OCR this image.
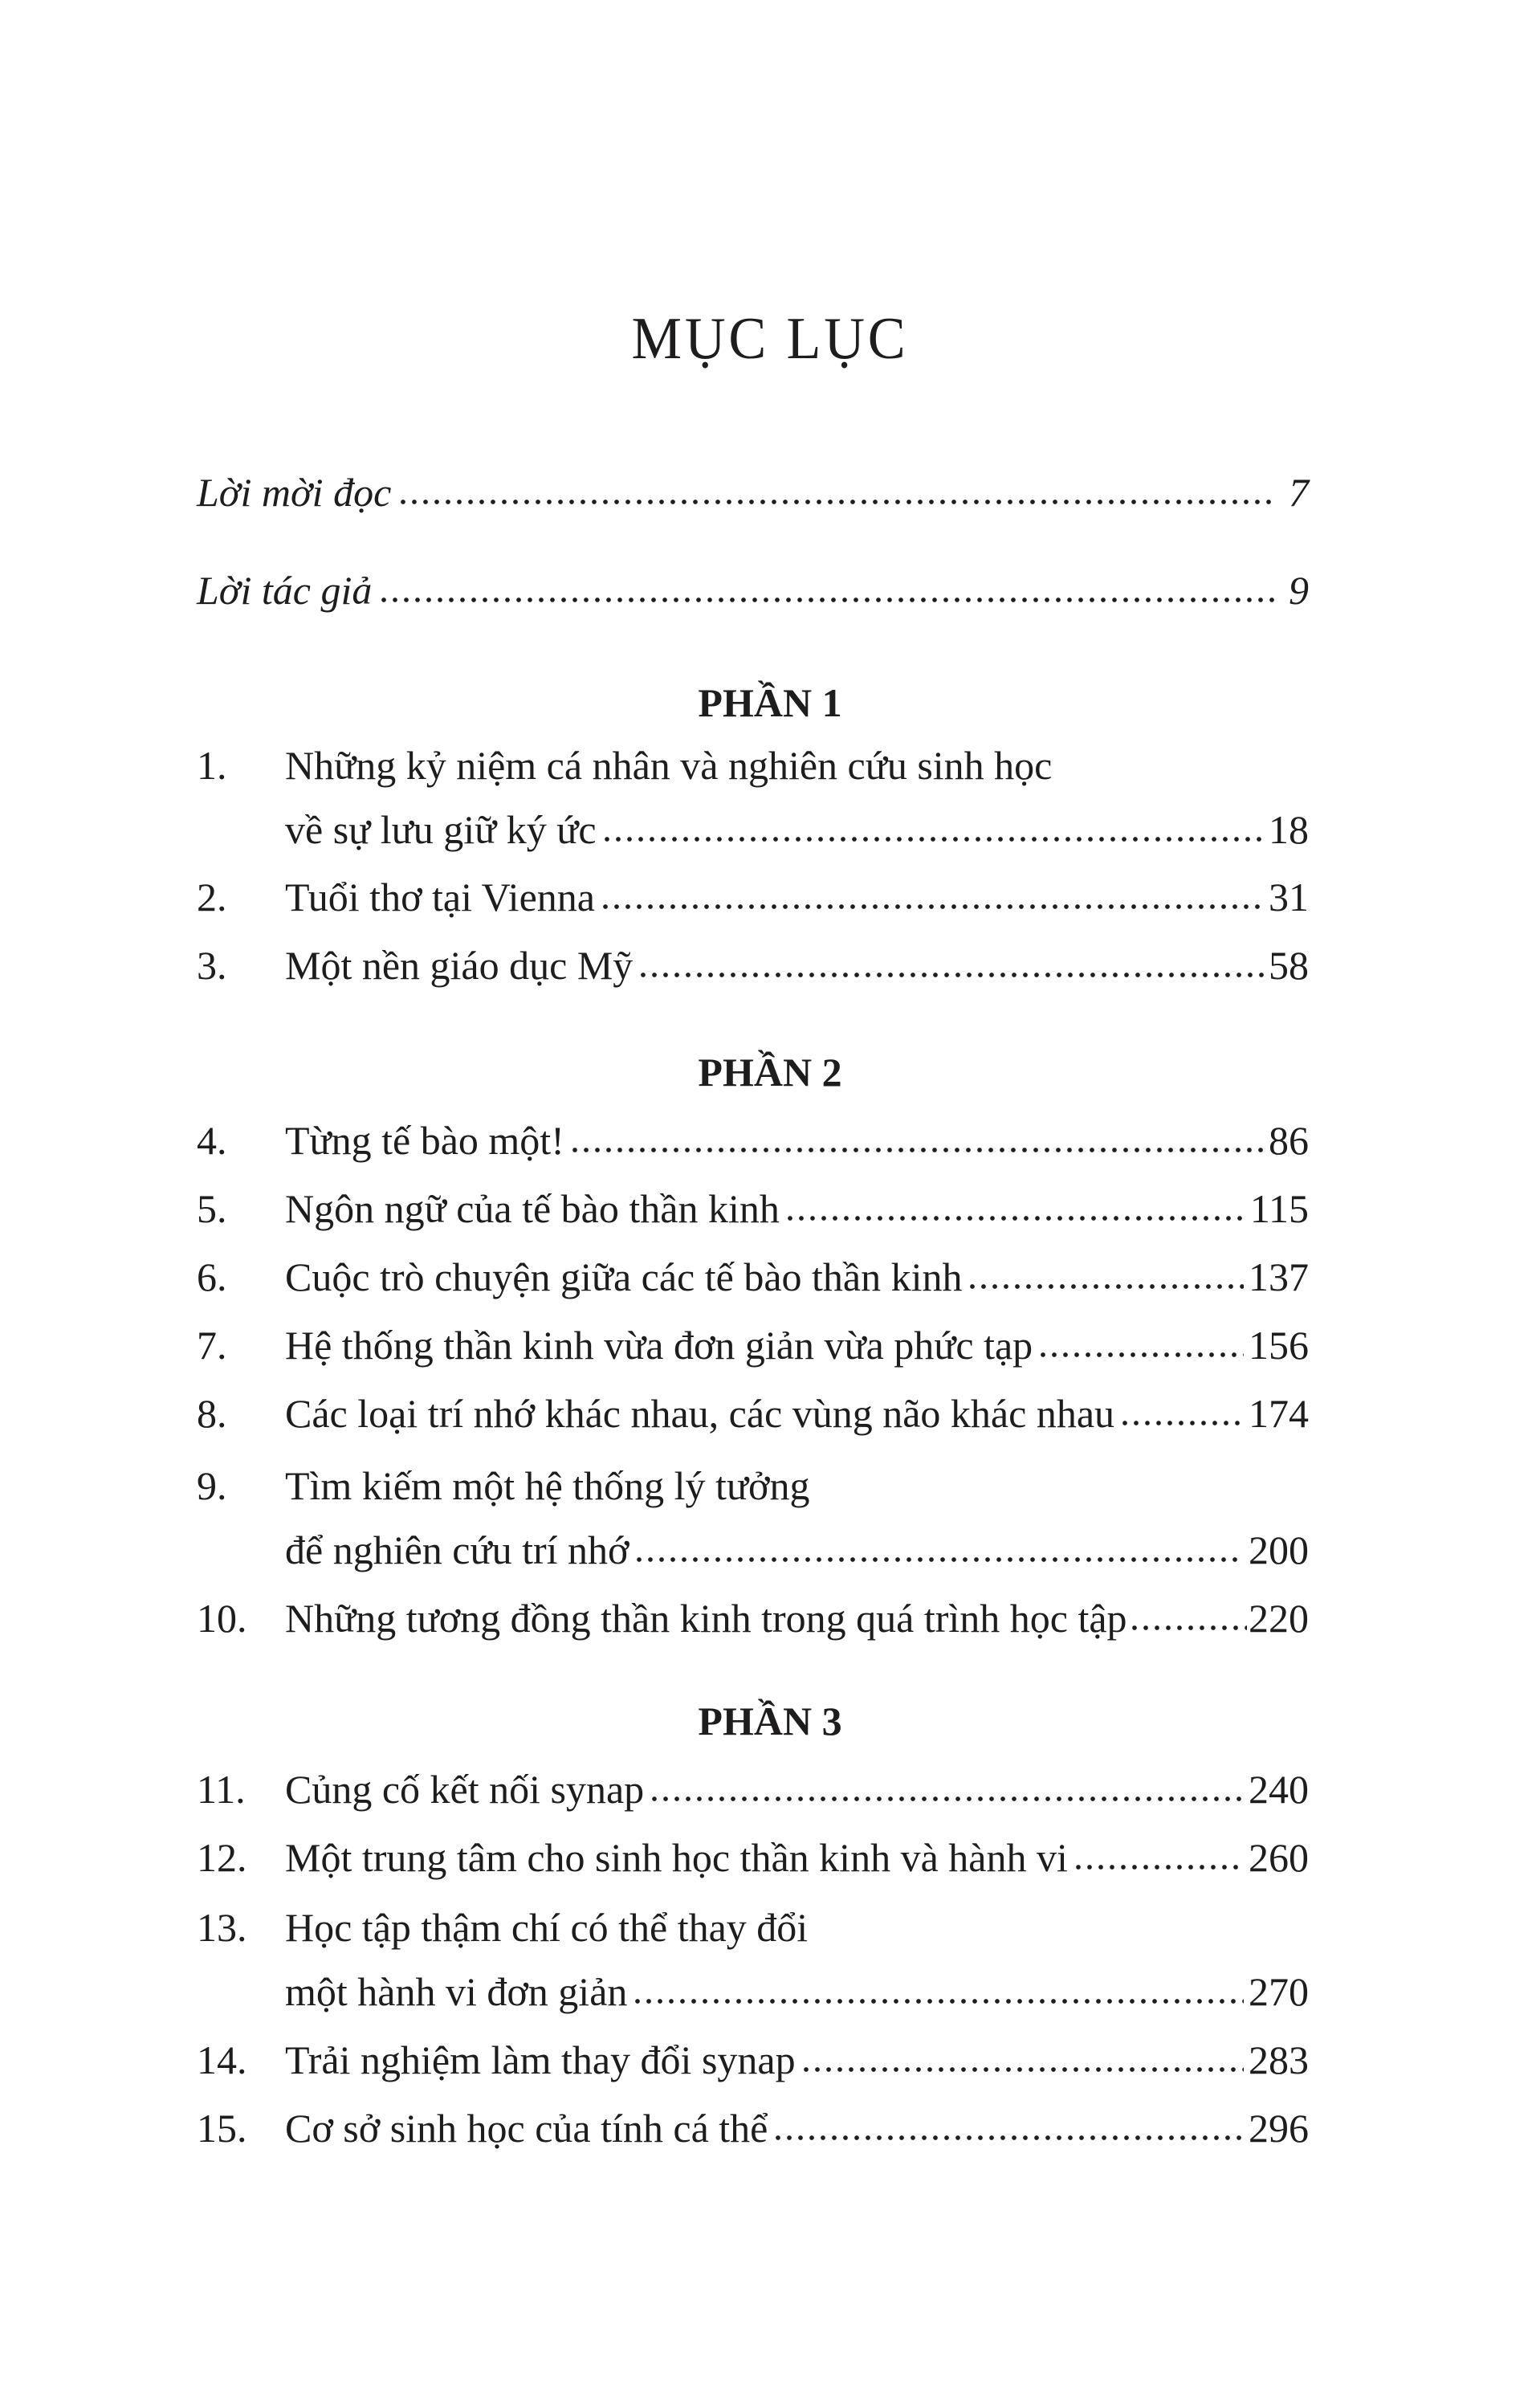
MỤC LỤC
Lời mời đọc	7
Lời tác giả	9
PHẦN 1
1.	Những kỷ niệm cá nhân và nghiên cứu sinh học
về sự lưu giữ ký ức	18
2.	Tuổi thơ tại Vienna	31
3.	Một nền giáo dục Mỹ	58
PHẦN 2
4.	Từng tế bào một!	86
5.	Ngôn ngữ của tế bào thần kinh	115
6.	Cuộc trò chuyện giữa các tế bào thần kinh	137
7.	Hệ thống thần kinh vừa đơn giản vừa phức tạp	156
8.	Các loại trí nhớ khác nhau, các vùng não khác nhau	174
9.	Tìm kiếm một hệ thống lý tưởng
để nghiên cứu trí nhớ	200
10. Những tương đồng thần kinh trong quá trình học tập	220
PHẦN 3
11. Củng cố kết nối synap	240
12. Một trung tâm cho sinh học thần kinh và hành vi	260
13. Học tập thậm chí có thể thay đổi
một hành vi đơn giản	270
14. Trải nghiệm làm thay đổi synap	283
15. Cơ sở sinh học của tính cá thể	296
